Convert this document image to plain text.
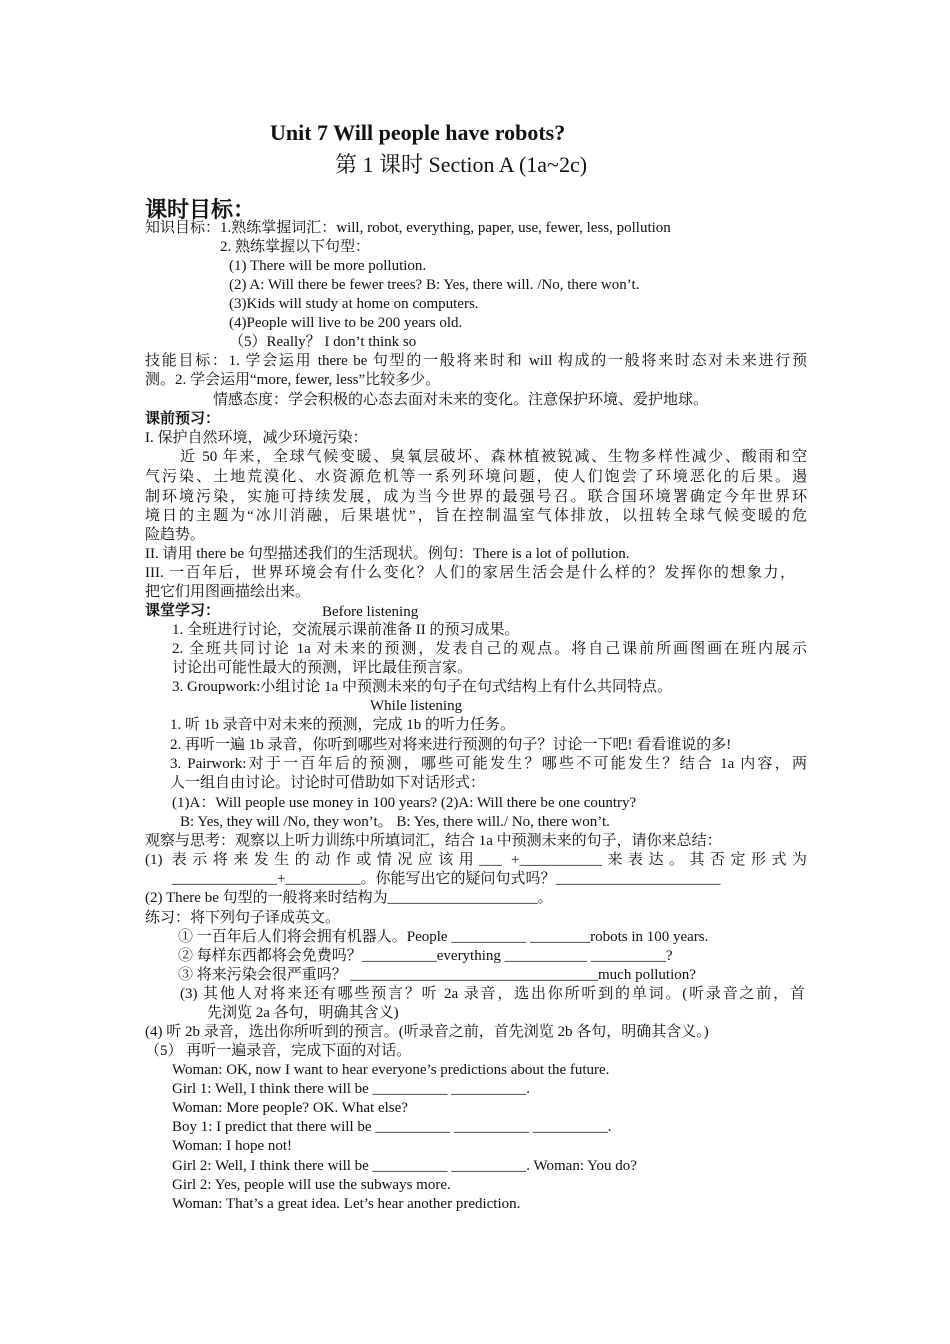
Unit 7 Will people have robots?
第 1 课时 Section A (1a~2c)
课时目标：
知识目标：1.熟练掌握词汇：will, robot, everything, paper, use, fewer, less, pollution
2. 熟练掌握以下句型：
(1) There will be more pollution.
(2) A: Will there be fewer trees? B: Yes, there will. /No, there won’t.
(3)Kids will study at home on computers.
(4)People will live to be 200 years old.
（5）Really？ I don’t think so
技能目标：1. 学会运用 there be 句型的一般将来时和 will 构成的一般将来时态对未来进行预
测。2. 学会运用“more, fewer, less”比较多少。
情感态度：学会积极的心态去面对未来的变化。注意保护环境、爱护地球。
课前预习：
I. 保护自然环境，减少环境污染：
近 50 年来，全球气候变暖、臭氧层破坏、森林植被锐减、生物多样性减少、酸雨和空
气污染、土地荒漠化、水资源危机等一系列环境问题，使人们饱尝了环境恶化的后果。遏
制环境污染，实施可持续发展，成为当今世界的最强号召。联合国环境署确定今年世界环
境日的主题为“冰川消融，后果堪忧”，旨在控制温室气体排放，以扭转全球气候变暖的危
险趋势。
II. 请用 there be 句型描述我们的生活现状。例句：There is a lot of pollution.
III. 一百年后，世界环境会有什么变化？人们的家居生活会是什么样的？发挥你的想象力，
把它们用图画描绘出来。
课堂学习：	Before listening
1. 全班进行讨论，交流展示课前准备 II 的预习成果。
2. 全班共同讨论 1a 对未来的预测，发表自己的观点。将自己课前所画图画在班内展示
讨论出可能性最大的预测，评比最佳预言家。
3. Groupwork:小组讨论 1a 中预测未来的句子在句式结构上有什么共同特点。
While listening
1. 听 1b 录音中对未来的预测，完成 1b 的听力任务。
2. 再听一遍 1b 录音，你听到哪些对将来进行预测的句子？讨论一下吧! 看看谁说的多!
3. Pairwork:对于一百年后的预测，哪些可能发生？哪些不可能发生？结合 1a 内容，两
人一组自由讨论。讨论时可借助如下对话形式：
(1)A：Will people use money in 100 years? (2)A: Will there be one country?
B: Yes, they will /No, they won’t。 B: Yes, there will./ No, there won’t.
观察与思考：观察以上听力训练中所填词汇，结合 1a 中预测未来的句子，请你来总结：
(1) 表示将来发生的动作或情况应该用___ +___________来表达。其否定形式为
______________+__________。你能写出它的疑问句式吗？______________________
(2) There be 句型的一般将来时结构为____________________。
练习：将下列句子译成英文。
① 一百年后人们将会拥有机器人。People __________ ________robots in 100 years.
② 每样东西都将会免费吗？__________everything ___________ __________?
③ 将来污染会很严重吗？ _________________________________much pollution?
(3) 其他人对将来还有哪些预言？听 2a 录音，选出你所听到的单词。(听录音之前，首
先浏览 2a 各句，明确其含义)
(4) 听 2b 录音，选出你所听到的预言。(听录音之前，首先浏览 2b 各句，明确其含义。)
（5） 再听一遍录音，完成下面的对话。
Woman: OK, now I want to hear everyone’s predictions about the future.
Girl 1: Well, I think there will be __________ __________.
Woman: More people? OK. What else?
Boy 1: I predict that there will be __________ __________ __________.
Woman: I hope not!
Girl 2: Well, I think there will be __________ __________. Woman: You do?
Girl 2: Yes, people will use the subways more.
Woman: That’s a great idea. Let’s hear another prediction.
